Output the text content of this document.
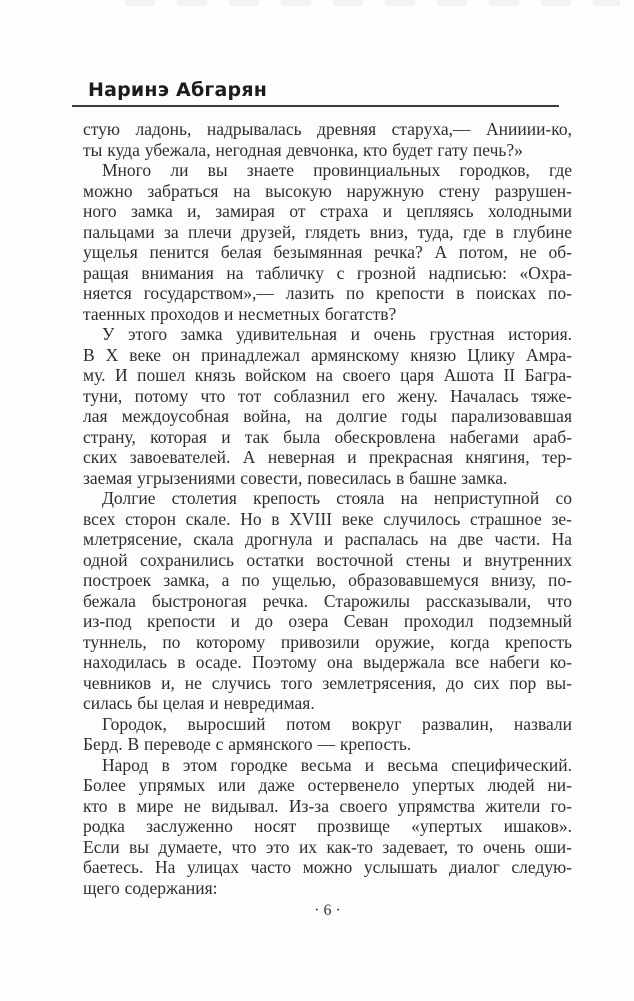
Наринэ Абгарян
стую ладонь, надрывалась древняя старуха,— Анииии-ко,
ты куда убежала, негодная девчонка, кто будет гату печь?»
Много ли вы знаете провинциальных городков, где
можно забраться на высокую наружную стену разрушен-
ного замка и, замирая от страха и цепляясь холодными
пальцами за плечи друзей, глядеть вниз, туда, где в глубине
ущелья пенится белая безымянная речка? А потом, не об-
ращая внимания на табличку с грозной надписью: «Охра-
няется государством»,— лазить по крепости в поисках по-
таенных проходов и несметных богатств?
У этого замка удивительная и очень грустная история.
В X веке он принадлежал армянскому князю Цлику Амра-
му. И пошел князь войском на своего царя Ашота II Багра-
туни, потому что тот соблазнил его жену. Началась тяже-
лая междоусобная война, на долгие годы парализовавшая
страну, которая и так была обескровлена набегами араб-
ских завоевателей. А неверная и прекрасная княгиня, тер-
заемая угрызениями совести, повесилась в башне замка.
Долгие столетия крепость стояла на неприступной со
всех сторон скале. Но в XVIII веке случилось страшное зе-
млетрясение, скала дрогнула и распалась на две части. На
одной сохранились остатки восточной стены и внутренних
построек замка, а по ущелью, образовавшемуся внизу, по-
бежала быстроногая речка. Старожилы рассказывали, что
из-под крепости и до озера Севан проходил подземный
туннель, по которому привозили оружие, когда крепость
находилась в осаде. Поэтому она выдержала все набеги ко-
чевников и, не случись того землетрясения, до сих пор вы-
силась бы целая и невредимая.
Городок, выросший потом вокруг развалин, назвали
Берд. В переводе с армянского — крепость.
Народ в этом городке весьма и весьма специфический.
Более упрямых или даже остервенело упертых людей ни-
кто в мире не видывал. Из-за своего упрямства жители го-
родка заслуженно носят прозвище «упертых ишаков».
Если вы думаете, что это их как-то задевает, то очень оши-
баетесь. На улицах часто можно услышать диалог следую-
щего содержания:
· 6 ·
